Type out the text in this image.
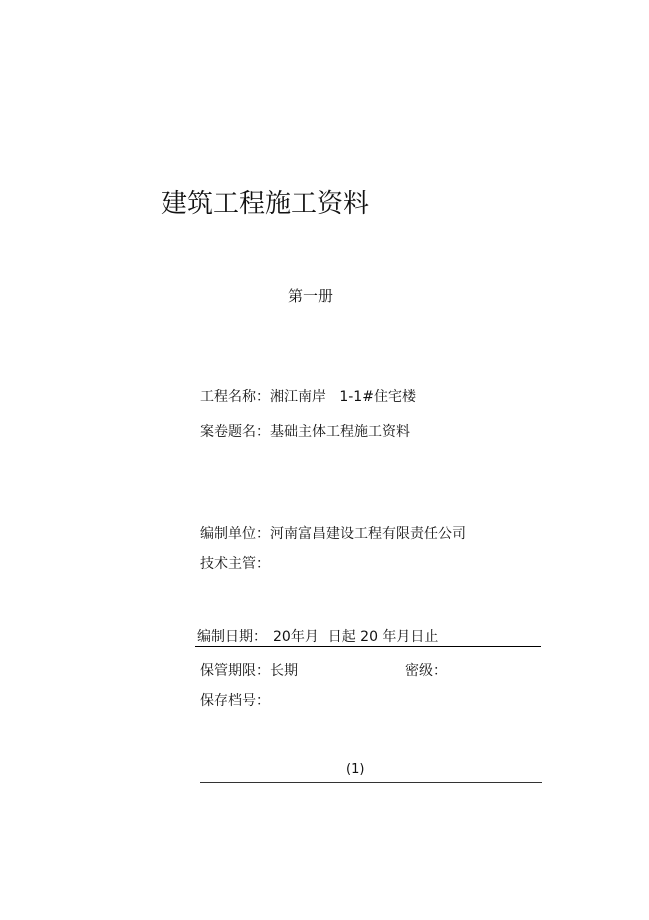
建筑工程施工资料
第一册
工程名称： 湘江南岸   1-1#住宅楼
案卷题名： 基础主体工程施工资料
编制单位： 河南富昌建设工程有限责任公司
技术主管：
编制日期： 20年月  日起 20 年月日止
保管期限： 长期	密级：
保存档号：
(1)
